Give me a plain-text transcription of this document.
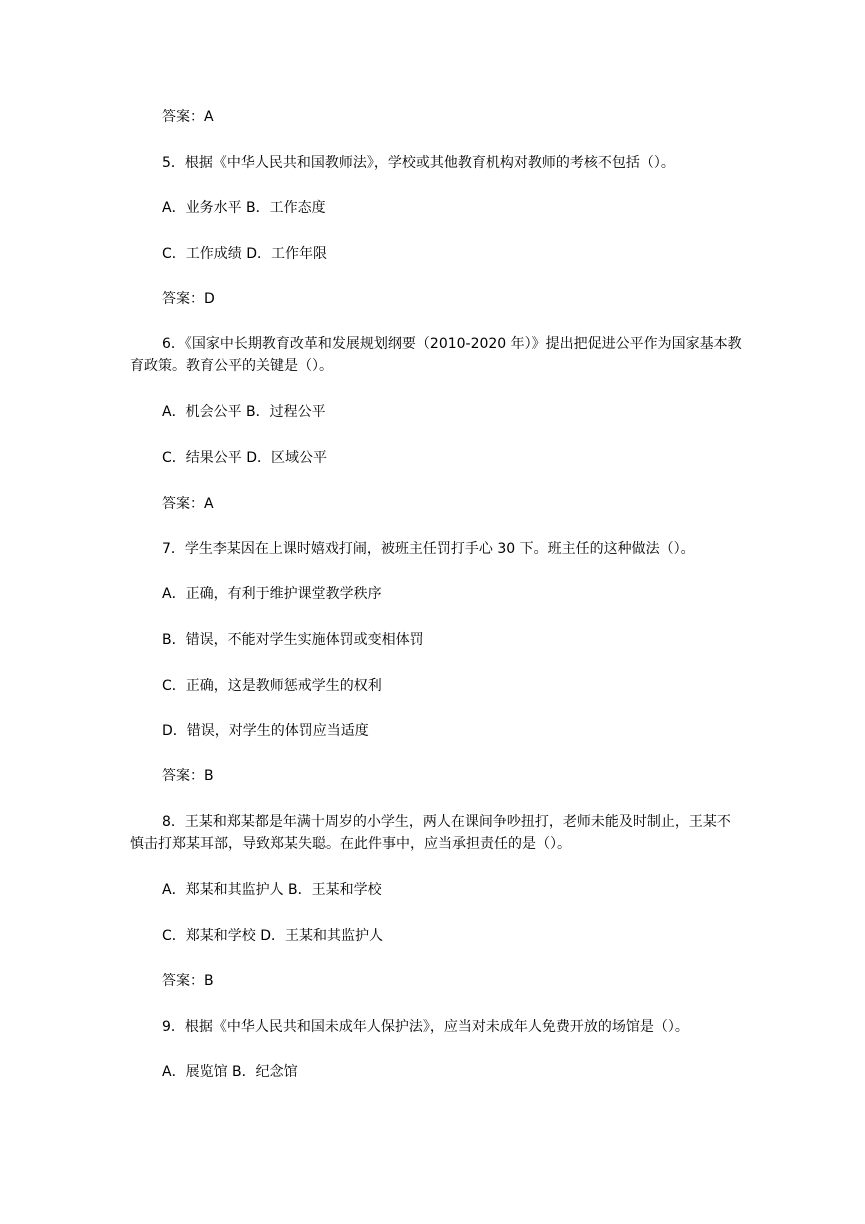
答案：A
5．根据《中华人民共和国教师法》，学校或其他教育机构对教师的考核不包括（）。
A．业务水平 B．工作态度
C．工作成绩 D．工作年限
答案：D
6．《国家中长期教育改革和发展规划纲要（2010-2020 年）》提出把促进公平作为国家基本教育政策。教育公平的关键是（）。
A．机会公平 B．过程公平
C．结果公平 D．区域公平
答案：A
7．学生李某因在上课时嬉戏打闹，被班主任罚打手心 30 下。班主任的这种做法（）。
A．正确，有利于维护课堂教学秩序
B．错误，不能对学生实施体罚或变相体罚
C．正确，这是教师惩戒学生的权利
D．错误，对学生的体罚应当适度
答案：B
8．王某和郑某都是年满十周岁的小学生，两人在课间争吵扭打，老师未能及时制止，王某不慎击打郑某耳部，导致郑某失聪。在此件事中，应当承担责任的是（）。
A．郑某和其监护人 B．王某和学校
C．郑某和学校 D．王某和其监护人
答案：B
9．根据《中华人民共和国未成年人保护法》，应当对未成年人免费开放的场馆是（）。
A．展览馆 B．纪念馆
